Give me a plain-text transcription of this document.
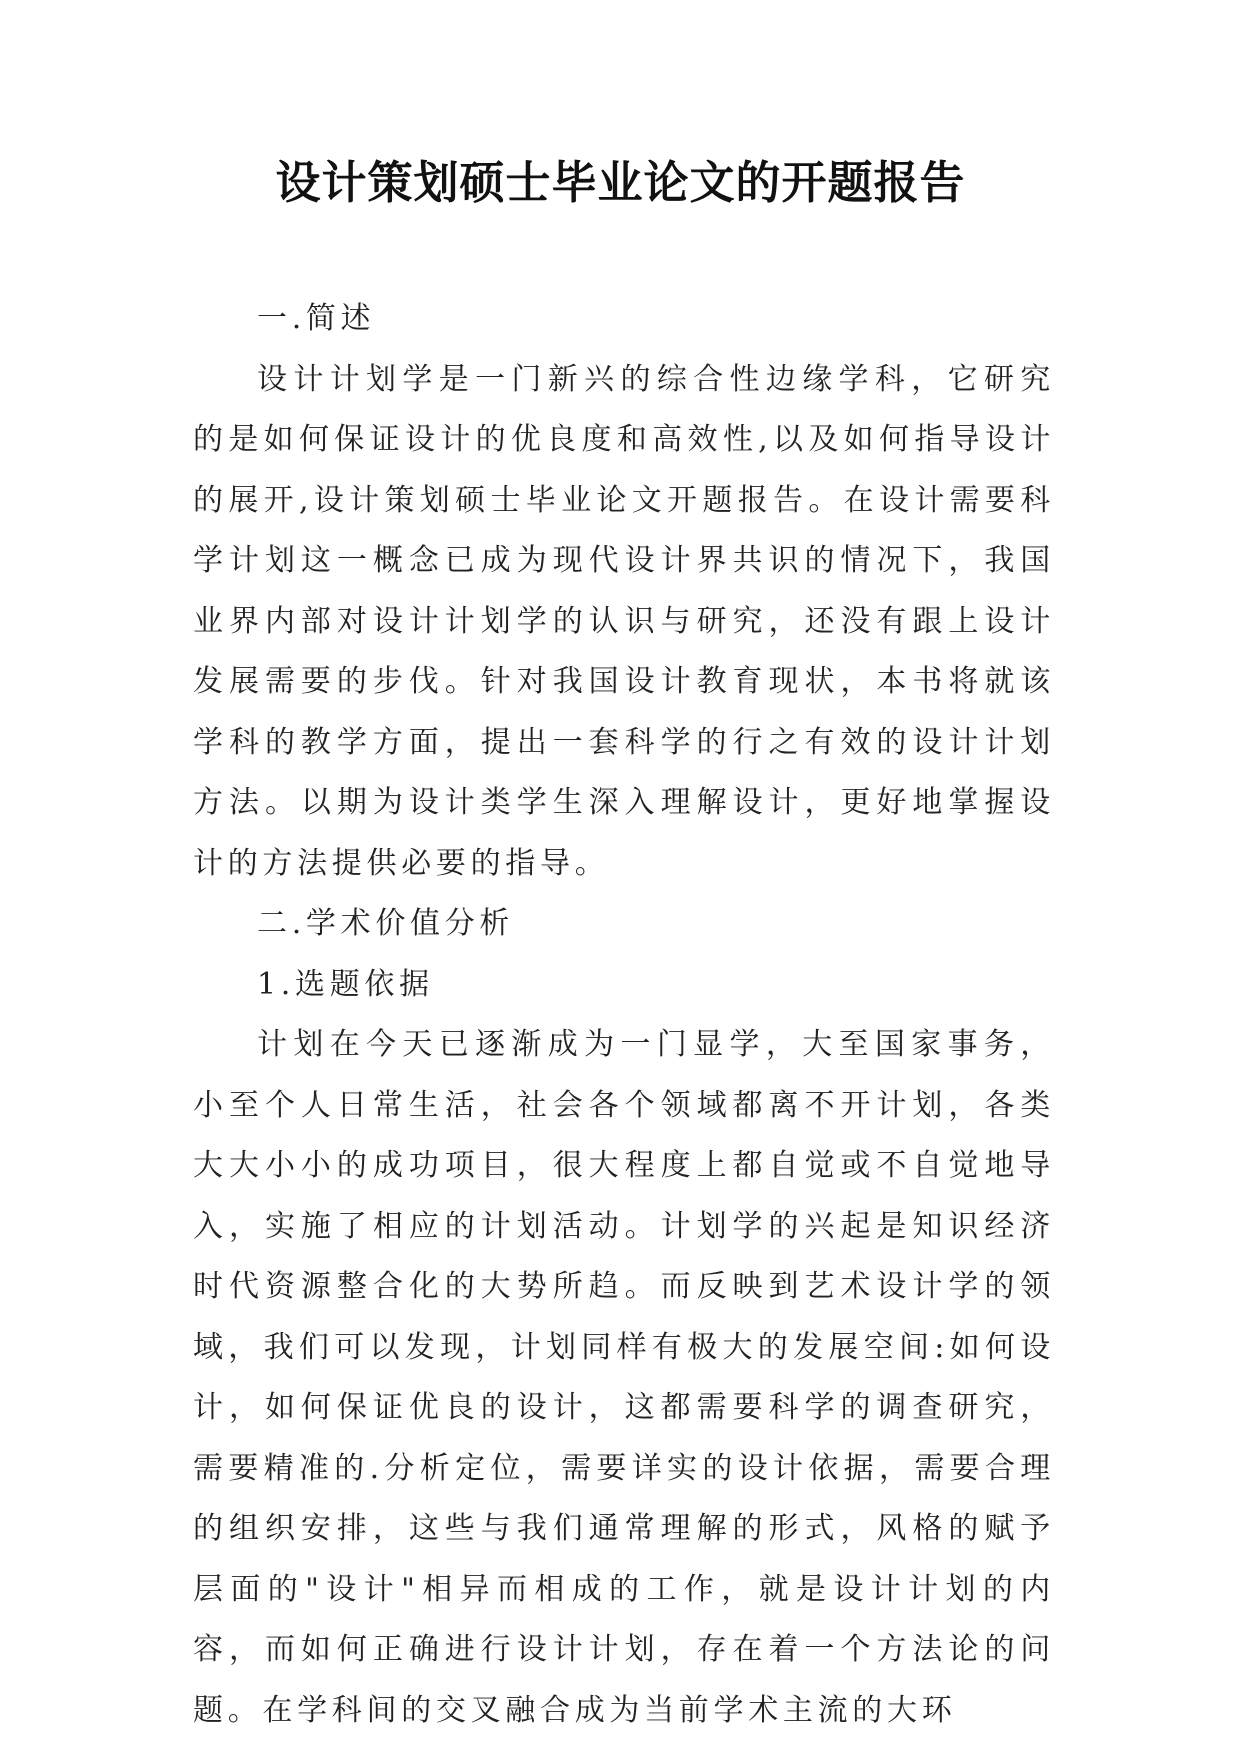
设计策划硕士毕业论文的开题报告

一.简述

设计计划学是一门新兴的综合性边缘学科，它研究的是如何保证设计的优良度和高效性,以及如何指导设计的展开,设计策划硕士毕业论文开题报告。在设计需要科学计划这一概念已成为现代设计界共识的情况下，我国业界内部对设计计划学的认识与研究，还没有跟上设计发展需要的步伐。针对我国设计教育现状，本书将就该学科的教学方面，提出一套科学的行之有效的设计计划方法。以期为设计类学生深入理解设计，更好地掌握设计的方法提供必要的指导。

二.学术价值分析

1.选题依据

计划在今天已逐渐成为一门显学，大至国家事务，小至个人日常生活，社会各个领域都离不开计划，各类大大小小的成功项目，很大程度上都自觉或不自觉地导入，实施了相应的计划活动。计划学的兴起是知识经济时代资源整合化的大势所趋。而反映到艺术设计学的领域，我们可以发现，计划同样有极大的发展空间:如何设计，如何保证优良的设计，这都需要科学的调查研究，需要精准的.分析定位，需要详实的设计依据，需要合理的组织安排，这些与我们通常理解的形式，风格的赋予层面的"设计"相异而相成的工作，就是设计计划的内容，而如何正确进行设计计划，存在着一个方法论的问题。在学科间的交叉融合成为当前学术主流的大环
